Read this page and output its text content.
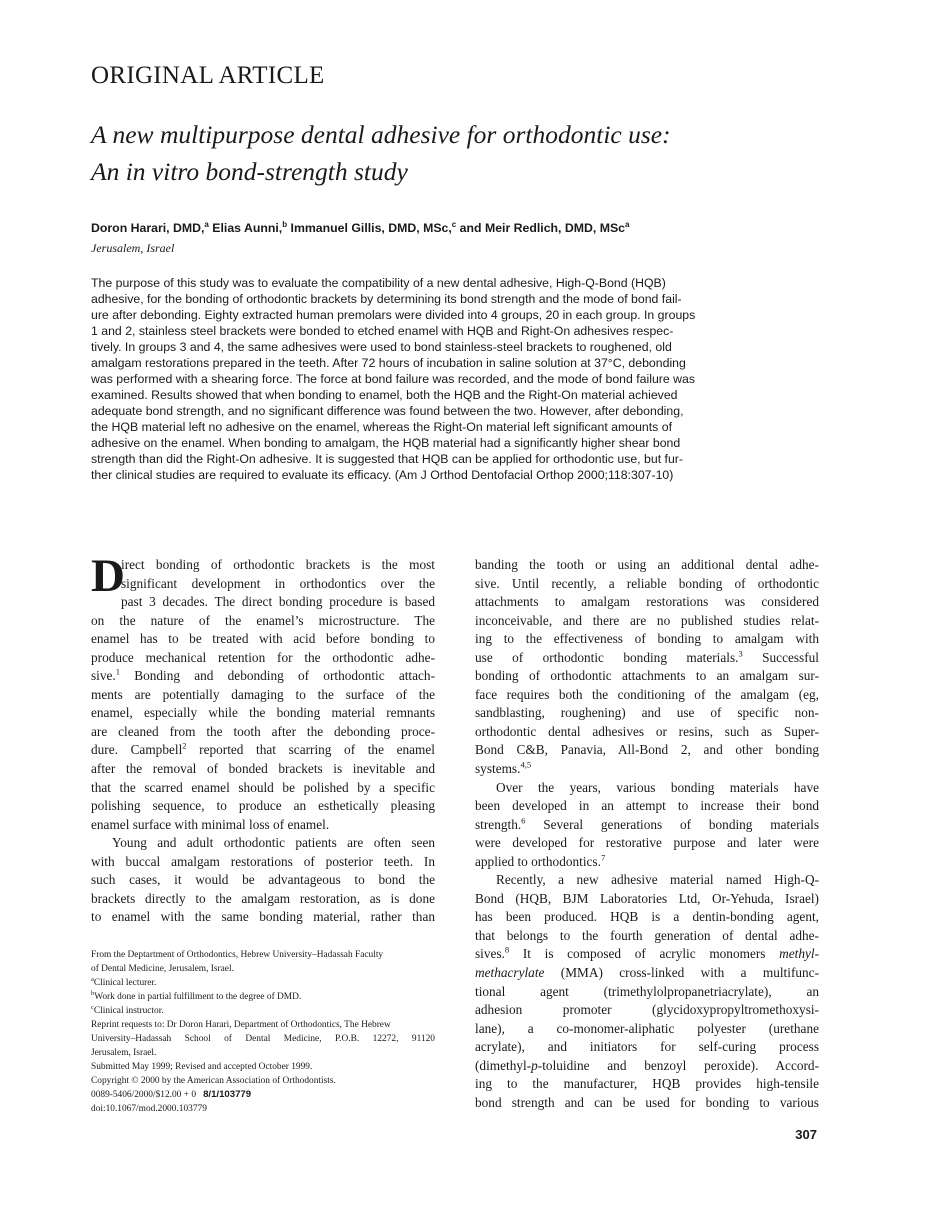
ORIGINAL ARTICLE
A new multipurpose dental adhesive for orthodontic use:
An in vitro bond-strength study
Doron Harari, DMD,$^a$ Elias Aunni,$^b$ Immanuel Gillis, DMD, MSc,$^c$ and Meir Redlich, DMD, MSc$^a$
Jerusalem, Israel
The purpose of this study was to evaluate the compatibility of a new dental adhesive, High-Q-Bond (HQB)
adhesive, for the bonding of orthodontic brackets by determining its bond strength and the mode of bond fail-
ure after debonding. Eighty extracted human premolars were divided into 4 groups, 20 in each group. In groups
1 and 2, stainless steel brackets were bonded to etched enamel with HQB and Right-On adhesives respec-
tively. In groups 3 and 4, the same adhesives were used to bond stainless-steel brackets to roughened, old
amalgam restorations prepared in the teeth. After 72 hours of incubation in saline solution at 37°C, debonding
was performed with a shearing force. The force at bond failure was recorded, and the mode of bond failure was
examined. Results showed that when bonding to enamel, both the HQB and the Right-On material achieved
adequate bond strength, and no significant difference was found between the two. However, after debonding,
the HQB material left no adhesive on the enamel, whereas the Right-On material left significant amounts of
adhesive on the enamel. When bonding to amalgam, the HQB material had a significantly higher shear bond
strength than did the Right-On adhesive. It is suggested that HQB can be applied for orthodontic use, but fur-
ther clinical studies are required to evaluate its efficacy. (Am J Orthod Dentofacial Orthop 2000;118:307-10)

D
irect bonding of orthodontic brackets is the most
significant development in orthodontics over the
past 3 decades. The direct bonding procedure is based
on the nature of the enamel’s microstructure. The
enamel has to be treated with acid before bonding to
produce mechanical retention for the orthodontic adhe-
sive.$^1$ Bonding and debonding of orthodontic attach-
ments are potentially damaging to the surface of the
enamel, especially while the bonding material remnants
are cleaned from the tooth after the debonding proce-
dure. Campbell$^2$ reported that scarring of the enamel
after the removal of bonded brackets is inevitable and
that the scarred enamel should be polished by a specific
polishing sequence, to produce an esthetically pleasing
enamel surface with minimal loss of enamel.

Young and adult orthodontic patients are often seen
with buccal amalgam restorations of posterior teeth. In
such cases, it would be advantageous to bond the
brackets directly to the amalgam restoration, as is done
to enamel with the same bonding material, rather than

From the Deptartment of Orthodontics, Hebrew University–Hadassah Faculty
of Dental Medicine, Jerusalem, Israel.
$^a$Clinical lecturer.
$^b$Work done in partial fulfillment to the degree of DMD.
$^c$Clinical instructor.
Reprint requests to: Dr Doron Harari, Department of Orthodontics, The Hebrew
University–Hadassah School of Dental Medicine, P.O.B. 12272, 91120
Jerusalem, Israel.
Submitted May 1999; Revised and accepted October 1999.
Copyright © 2000 by the American Association of Orthodontists.
0089-5406/2000/$12.00 + 0 8/1/103779
doi:10.1067/mod.2000.103779

banding the tooth or using an additional dental adhe-
sive. Until recently, a reliable bonding of orthodontic
attachments to amalgam restorations was considered
inconceivable, and there are no published studies relat-
ing to the effectiveness of bonding to amalgam with
use of orthodontic bonding materials.$^3$ Successful
bonding of orthodontic attachments to an amalgam sur-
face requires both the conditioning of the amalgam (eg,
sandblasting, roughening) and use of specific non-
orthodontic dental adhesives or resins, such as Super-
Bond C&B, Panavia, All-Bond 2, and other bonding
systems.$^{4,5}$

Over the years, various bonding materials have
been developed in an attempt to increase their bond
strength.$^6$ Several generations of bonding materials
were developed for restorative purpose and later were
applied to orthodontics.$^7$

Recently, a new adhesive material named High-Q-
Bond (HQB, BJM Laboratories Ltd, Or-Yehuda, Israel)
has been produced. HQB is a dentin-bonding agent,
that belongs to the fourth generation of dental adhe-
sives.$^8$ It is composed of acrylic monomers methyl-
methacrylate (MMA) cross-linked with a multifunc-
tional agent (trimethylolpropanetriacrylate), an
adhesion promoter (glycidoxypropyltromethoxysi-
lane), a co-monomer-aliphatic polyester (urethane
acrylate), and initiators for self-curing process
(dimethyl-p-toluidine and benzoyl peroxide). Accord-
ing to the manufacturer, HQB provides high-tensile
bond strength and can be used for bonding to various

307
